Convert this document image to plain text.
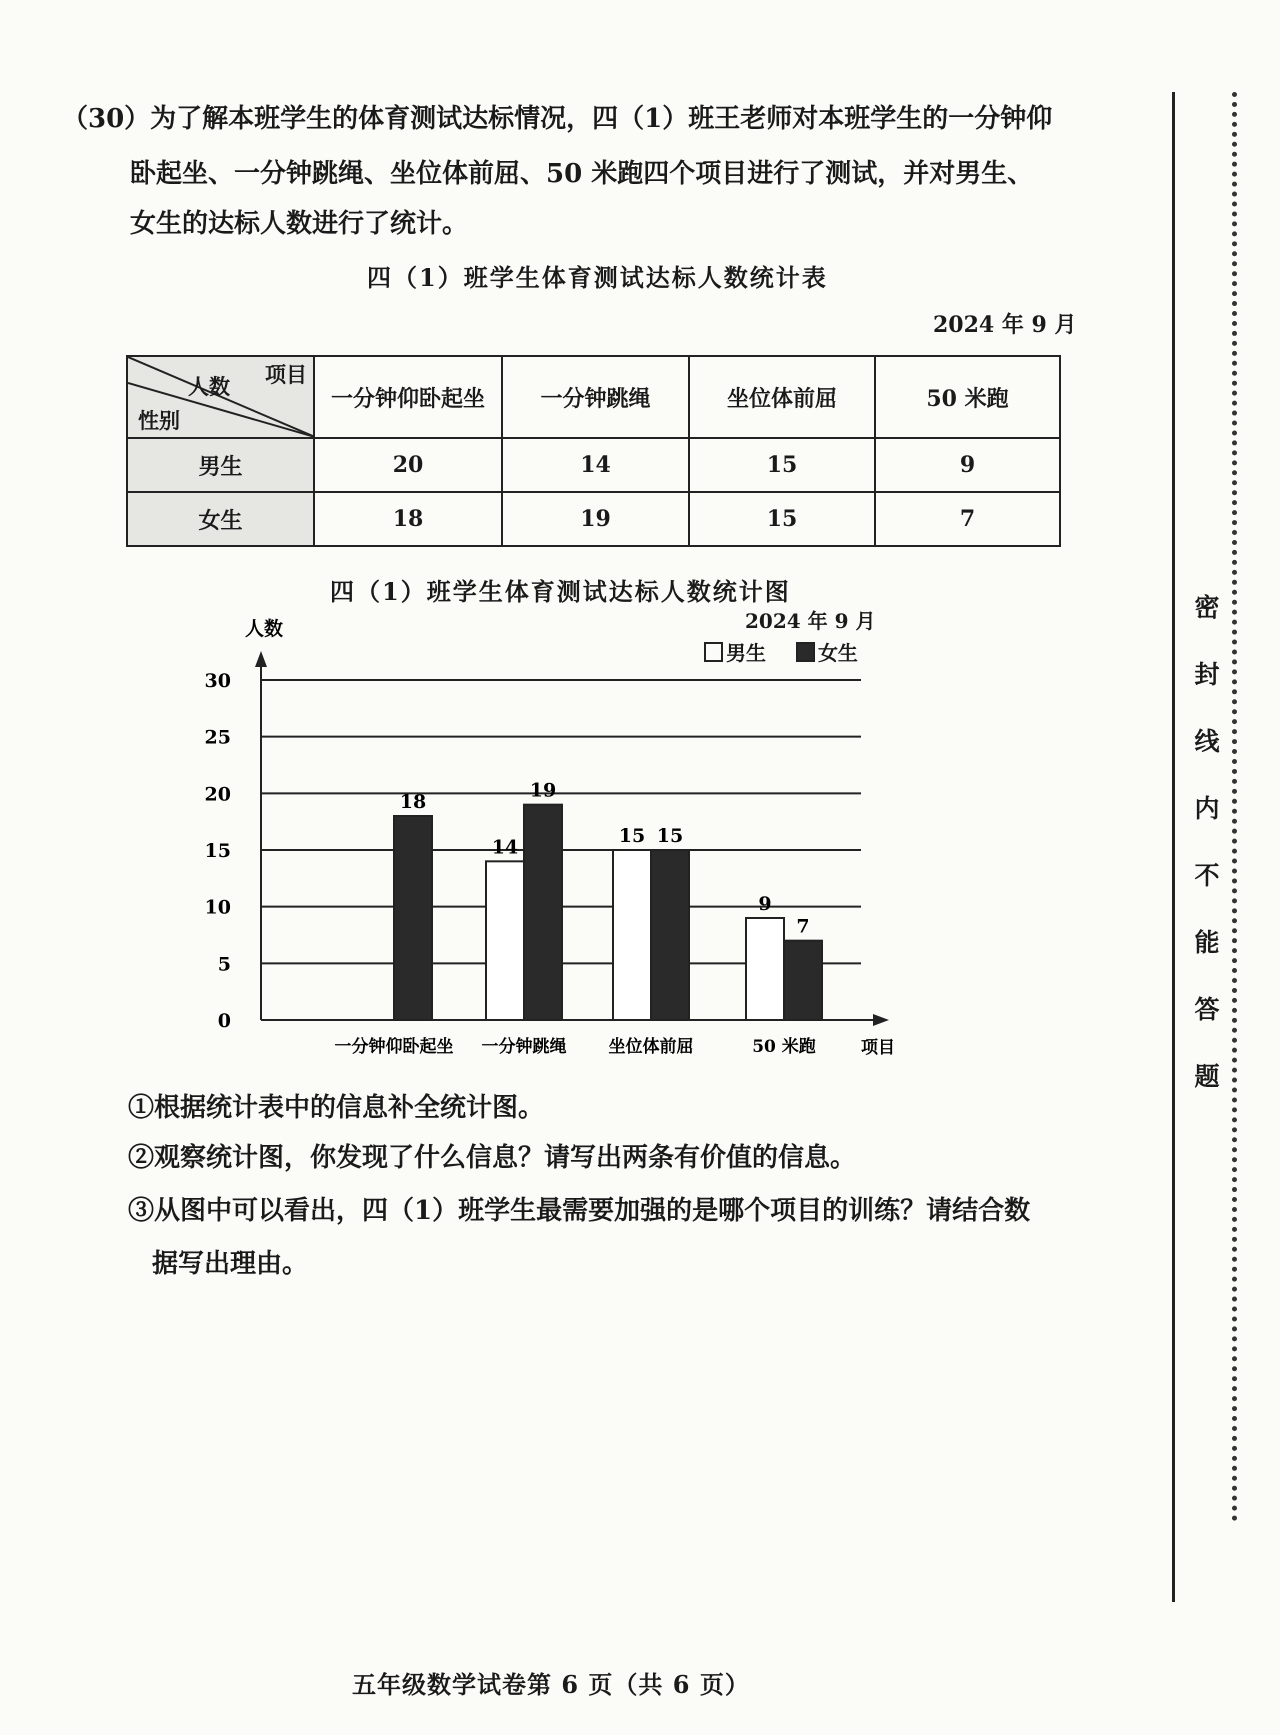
（30）为了解本班学生的体育测试达标情况，四（1）班王老师对本班学生的一分钟仰
卧起坐、一分钟跳绳、坐位体前屈、50 米跑四个项目进行了测试，并对男生、
女生的达标人数进行了统计。
四（1）班学生体育测试达标人数统计表
2024 年 9 月
项目
人数
性别	一分钟仰卧起坐	一分钟跳绳	坐位体前屈	50 米跑
男生	20	14	15	9
女生	18	19	15	7
四（1）班学生体育测试达标人数统计图
2024 年 9 月
男生	女生
人数
0
5
10
15
20
25
30
项目
一分钟仰卧起坐
18
一分钟跳绳
14
19
坐位体前屈
15 15
50 米跑
9
7
①根据统计表中的信息补全统计图。
②观察统计图，你发现了什么信息？请写出两条有价值的信息。
③从图中可以看出，四（1）班学生最需要加强的是哪个项目的训练？请结合数
据写出理由。
密
封
线
内
不
能
答
题
五年级数学试卷第 6 页（共 6 页）
